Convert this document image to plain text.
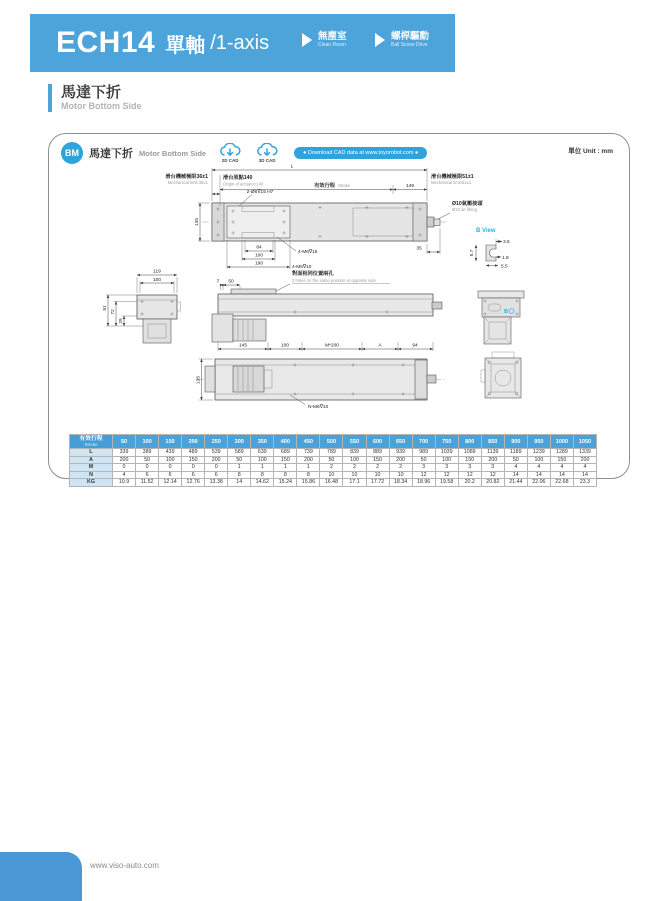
ECH14 單軸 /1-axis	無塵室
Clean Room
螺桿驅動
Ball Screw Drive
馬達下折
Motor Bottom Side
BM 馬達下折 Motor Bottom Side
2D CAD	3D CAD
● Download CAD data at www.toyorobot.com ●	單位 Unit : mm
L
滑台原點140
Origin of actuator:140	有效行程 Stroke	149
滑台機械極限36±1
Mechanical limit:36±1
滑台機械極限51±1
Mechanical limit:51±1
2-Ø6∇15 H7
135
84
100
190
4-M6∇15
35
Ø10氣壓接頭
Ø10 air fitting
4-M5∇10
對面相同位置兩孔
2 holes on the same position at opposite side.
B View
3.5
5.7
1.8
5.5
119
100
91
72
29
7 50
145	100	M*200	A	94
135
N-M6∇10
B
有效行程
Stroke	50	100	150	200	250	300	350	400	450	500	550	600	650	700	750	800	850	900	950	1000	1050
L	339	389	439	489	539	589	639	689	739	789	839	889	939	989	1039	1089	1139	1189	1239	1289	1339
A	200	50	100	150	200	50	100	150	200	50	100	150	200	50	100	150	200	50	100	150	200
M	0	0	0	0	0	1	1	1	1	2	2	2	2	3	3	3	3	4	4	4	4
N	4	6	6	6	6	8	8	8	8	10	10	10	10	12	12	12	12	14	14	14	14
KG	10.9	11.52	12.14	12.76	13.38	14	14.62	15.24	15.86	16.48	17.1	17.72	18.34	18.96	19.58	20.2	20.82	21.44	22.06	22.68	23.3
www.viso-auto.com
